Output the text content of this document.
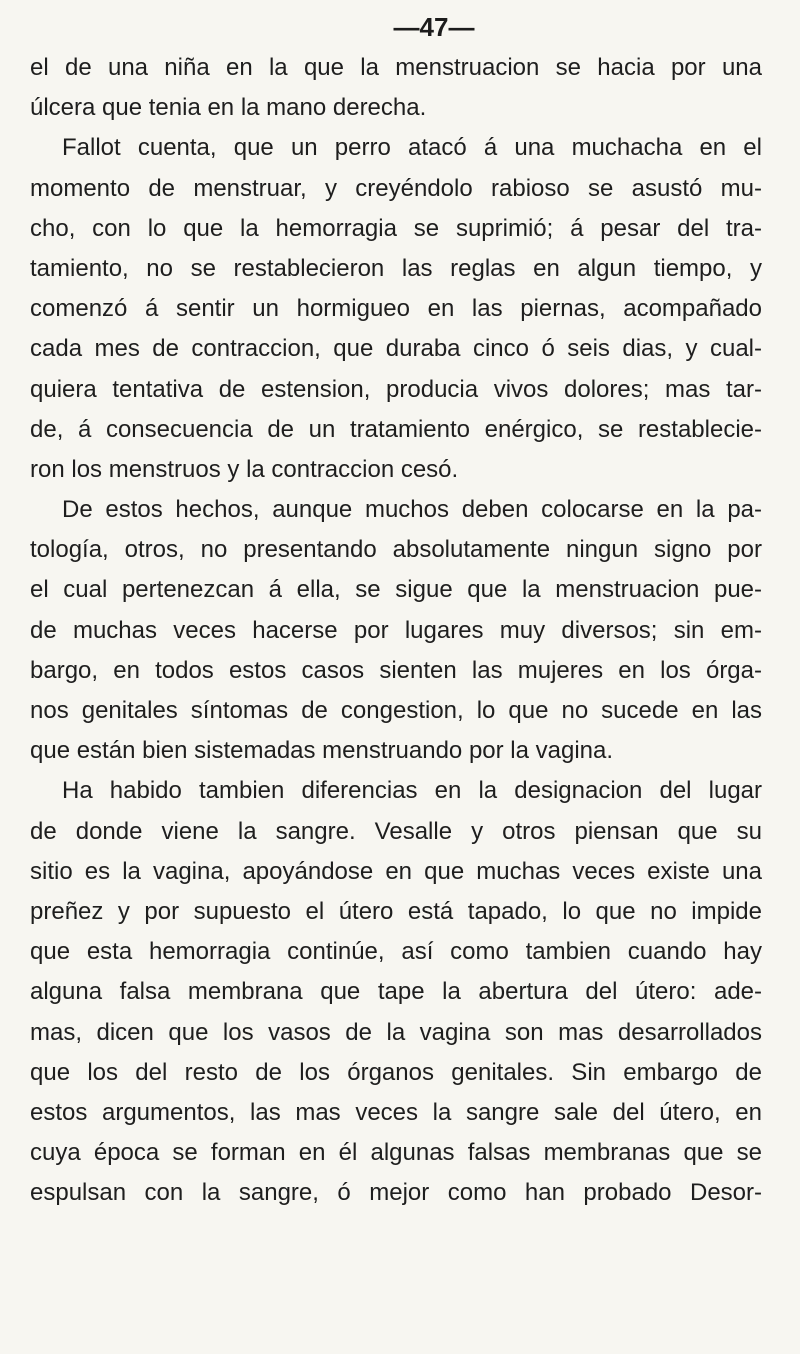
—47—
el de una niña en la que la menstruacion se hacia por una
úlcera que tenia en la mano derecha.
Fallot cuenta, que un perro atacó á una muchacha en el
momento de menstruar, y creyéndolo rabioso se asustó mu-
cho, con lo que la hemorragia se suprimió; á pesar del tra-
tamiento, no se restablecieron las reglas en algun tiempo, y
comenzó á sentir un hormigueo en las piernas, acompañado
cada mes de contraccion, que duraba cinco ó seis dias, y cual-
quiera tentativa de estension, producia vivos dolores; mas tar-
de, á consecuencia de un tratamiento enérgico, se restablecie-
ron los menstruos y la contraccion cesó.
De estos hechos, aunque muchos deben colocarse en la pa-
tología, otros, no presentando absolutamente ningun signo por
el cual pertenezcan á ella, se sigue que la menstruacion pue-
de muchas veces hacerse por lugares muy diversos; sin em-
bargo, en todos estos casos sienten las mujeres en los órga-
nos genitales síntomas de congestion, lo que no sucede en las
que están bien sistemadas menstruando por la vagina.
Ha habido tambien diferencias en la designacion del lugar
de donde viene la sangre. Vesalle y otros piensan que su
sitio es la vagina, apoyándose en que muchas veces existe una
preñez y por supuesto el útero está tapado, lo que no impide
que esta hemorragia continúe, así como tambien cuando hay
alguna falsa membrana que tape la abertura del útero: ade-
mas, dicen que los vasos de la vagina son mas desarrollados
que los del resto de los órganos genitales. Sin embargo de
estos argumentos, las mas veces la sangre sale del útero, en
cuya época se forman en él algunas falsas membranas que se
espulsan con la sangre, ó mejor como han probado Desor-
